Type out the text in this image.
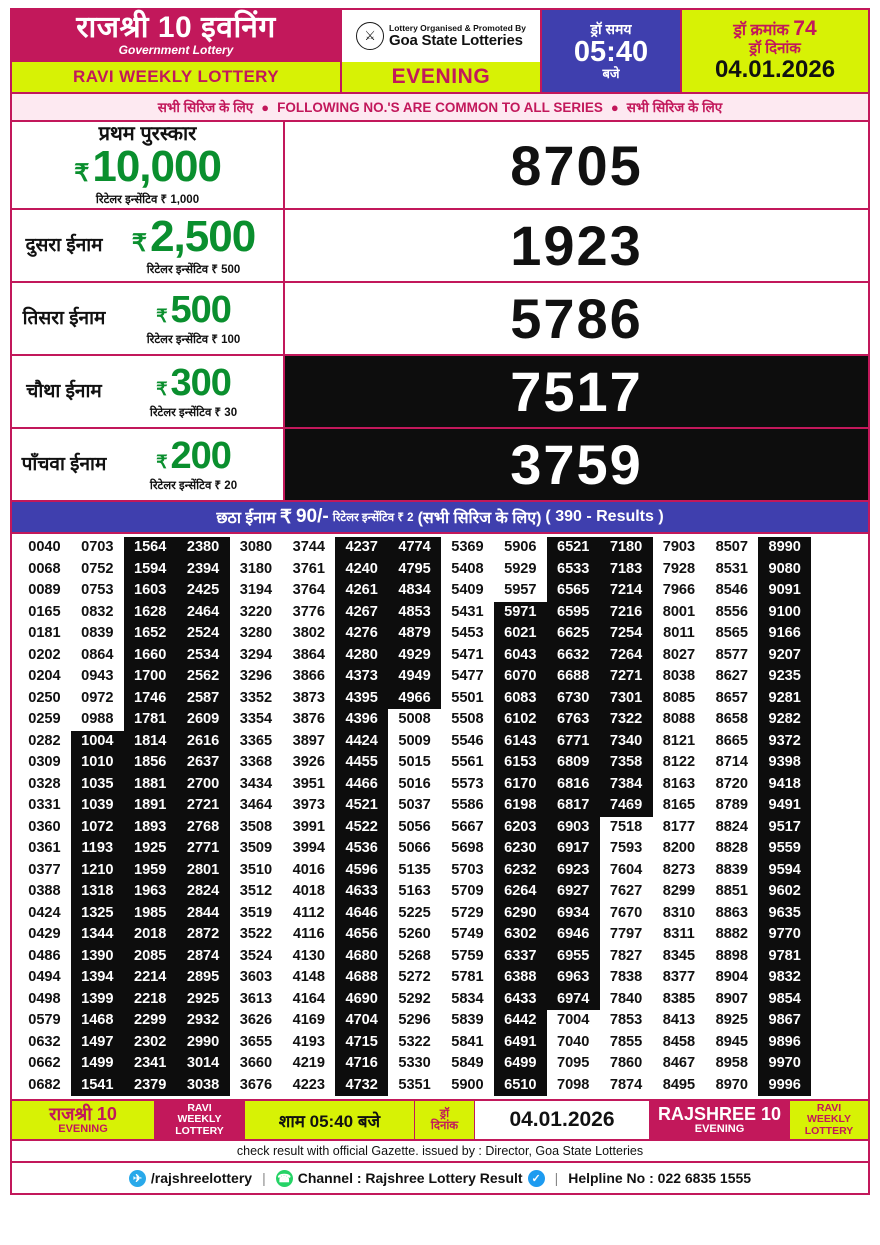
राजश्री 10 इवनिंग
Government Lottery
RAVI WEEKLY LOTTERY
⚔
Lottery Organised & Promoted By
Goa State Lotteries
EVENING
ड्रॉ समय
05:40
बजे
ड्रॉ क्रमांक 74
ड्रॉ दिनांक
04.01.2026
सभी सिरिज के लिए ● FOLLOWING NO.'S ARE COMMON TO ALL SERIES ● सभी सिरिज के लिए
प्रथम पुरस्कार
₹ 10,000
रिटेलर इन्सेंटिव ₹ 1,000
8705
दुसरा ईनाम	₹ 2,500
रिटेलर इन्सेंटिव ₹ 500	1923
तिसरा ईनाम	₹ 500
रिटेलर इन्सेंटिव ₹ 100	5786
चौथा ईनाम	₹ 300
रिटेलर इन्सेंटिव ₹ 30	7517
पाँचवा ईनाम	₹ 200
रिटेलर इन्सेंटिव ₹ 20	3759
छठा ईनाम ₹ 90/- रिटेलर इन्सेंटिव ₹ 2 (सभी सिरिज के लिए) ( 390 - Results )
0040	0703	1564	2380	3080	3744	4237	4774	5369	5906	6521	7180	7903	8507	8990	
0068	0752	1594	2394	3180	3761	4240	4795	5408	5929	6533	7183	7928	8531	9080	
0089	0753	1603	2425	3194	3764	4261	4834	5409	5957	6565	7214	7966	8546	9091	
0165	0832	1628	2464	3220	3776	4267	4853	5431	5971	6595	7216	8001	8556	9100	
0181	0839	1652	2524	3280	3802	4276	4879	5453	6021	6625	7254	8011	8565	9166	
0202	0864	1660	2534	3294	3864	4280	4929	5471	6043	6632	7264	8027	8577	9207	
0204	0943	1700	2562	3296	3866	4373	4949	5477	6070	6688	7271	8038	8627	9235	
0250	0972	1746	2587	3352	3873	4395	4966	5501	6083	6730	7301	8085	8657	9281	
0259	0988	1781	2609	3354	3876	4396	5008	5508	6102	6763	7322	8088	8658	9282	
0282	1004	1814	2616	3365	3897	4424	5009	5546	6143	6771	7340	8121	8665	9372	
0309	1010	1856	2637	3368	3926	4455	5015	5561	6153	6809	7358	8122	8714	9398	
0328	1035	1881	2700	3434	3951	4466	5016	5573	6170	6816	7384	8163	8720	9418	
0331	1039	1891	2721	3464	3973	4521	5037	5586	6198	6817	7469	8165	8789	9491	
0360	1072	1893	2768	3508	3991	4522	5056	5667	6203	6903	7518	8177	8824	9517	
0361	1193	1925	2771	3509	3994	4536	5066	5698	6230	6917	7593	8200	8828	9559	
0377	1210	1959	2801	3510	4016	4596	5135	5703	6232	6923	7604	8273	8839	9594	
0388	1318	1963	2824	3512	4018	4633	5163	5709	6264	6927	7627	8299	8851	9602	
0424	1325	1985	2844	3519	4112	4646	5225	5729	6290	6934	7670	8310	8863	9635	
0429	1344	2018	2872	3522	4116	4656	5260	5749	6302	6946	7797	8311	8882	9770	
0486	1390	2085	2874	3524	4130	4680	5268	5759	6337	6955	7827	8345	8898	9781	
0494	1394	2214	2895	3603	4148	4688	5272	5781	6388	6963	7838	8377	8904	9832	
0498	1399	2218	2925	3613	4164	4690	5292	5834	6433	6974	7840	8385	8907	9854	
0579	1468	2299	2932	3626	4169	4704	5296	5839	6442	7004	7853	8413	8925	9867	
0632	1497	2302	2990	3655	4193	4715	5322	5841	6491	7040	7855	8458	8945	9896	
0662	1499	2341	3014	3660	4219	4716	5330	5849	6499	7095	7860	8467	8958	9970	
0682	1541	2379	3038	3676	4223	4732	5351	5900	6510	7098	7874	8495	8970	9996	
राजश्री 10
EVENING
RAVI
WEEKLY
LOTTERY
शाम 05:40 बजे	ड्रॉ
दिनांक 04.01.2026 RAJSHREE 10
EVENING
RAVI
WEEKLY
LOTTERY
check result with official Gazette. issued by : Director, Goa State Lotteries
✈ /rajshreelottery | ☎ Channel : Rajshree Lottery Result ✓ | Helpline No : 022 6835 1555
